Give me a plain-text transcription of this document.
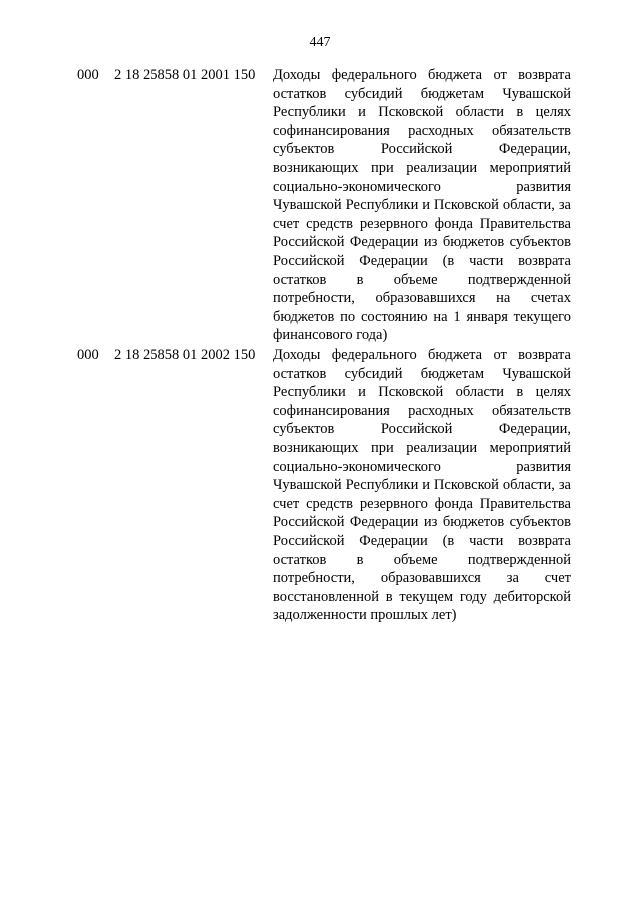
447
000 2 18 25858 01 2001 150 Доходы федерального бюджета от возврата остатков субсидий бюджетам Чувашской Республики и Псковской области в целях софинансирования расходных обязательств субъектов Российской Федерации, возникающих при реализации мероприятий социально-экономического развития Чувашской Республики и Псковской области, за счет средств резервного фонда Правительства Российской Федерации из бюджетов субъектов Российской Федерации (в части возврата остатков в объеме подтвержденной потребности, образовавшихся на счетах бюджетов по состоянию на 1 января текущего финансового года)
000 2 18 25858 01 2002 150 Доходы федерального бюджета от возврата остатков субсидий бюджетам Чувашской Республики и Псковской области в целях софинансирования расходных обязательств субъектов Российской Федерации, возникающих при реализации мероприятий социально-экономического развития Чувашской Республики и Псковской области, за счет средств резервного фонда Правительства Российской Федерации из бюджетов субъектов Российской Федерации (в части возврата остатков в объеме подтвержденной потребности, образовавшихся за счет восстановленной в текущем году дебиторской задолженности прошлых лет)
